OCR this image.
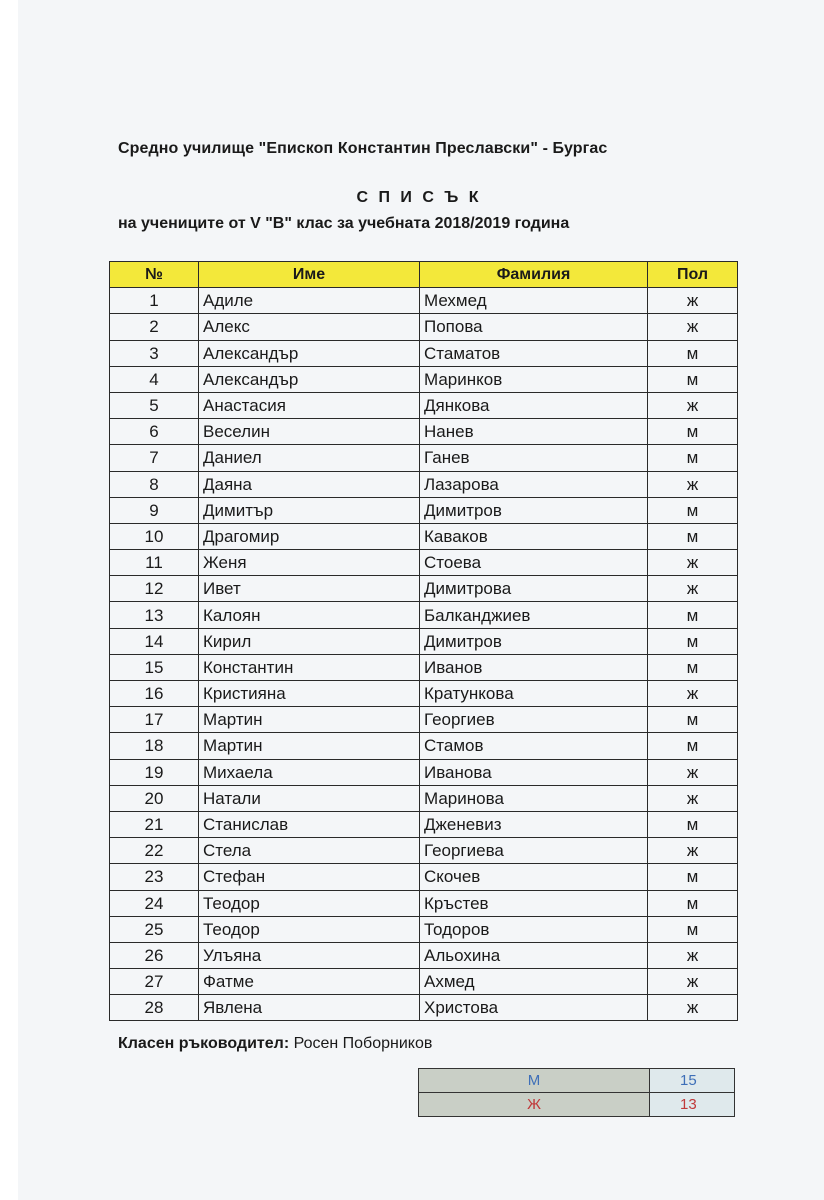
Средно училище "Епископ Константин Преславски" - Бургас
С П И С Ъ К
на учениците от V "В" клас за учебната 2018/2019 година
№	Име	Фамилия	Пол
1	Адиле	Мехмед	ж
2	Алекс	Попова	ж
3	Александър	Стаматов	м
4	Александър	Маринков	м
5	Анастасия	Дянкова	ж
6	Веселин	Нанев	м
7	Даниел	Ганев	м
8	Даяна	Лазарова	ж
9	Димитър	Димитров	м
10	Драгомир	Каваков	м
11	Женя	Стоева	ж
12	Ивет	Димитрова	ж
13	Калоян	Балканджиев	м
14	Кирил	Димитров	м
15	Константин	Иванов	м
16	Кристияна	Кратункова	ж
17	Мартин	Георгиев	м
18	Мартин	Стамов	м
19	Михаела	Иванова	ж
20	Натали	Маринова	ж
21	Станислав	Дженевиз	м
22	Стела	Георгиева	ж
23	Стефан	Скочев	м
24	Теодор	Кръстев	м
25	Теодор	Тодоров	м
26	Улъяна	Альохина	ж
27	Фатме	Ахмед	ж
28	Явлена	Христова	ж
Класен ръководител: Росен Поборников
М	15
Ж	13
